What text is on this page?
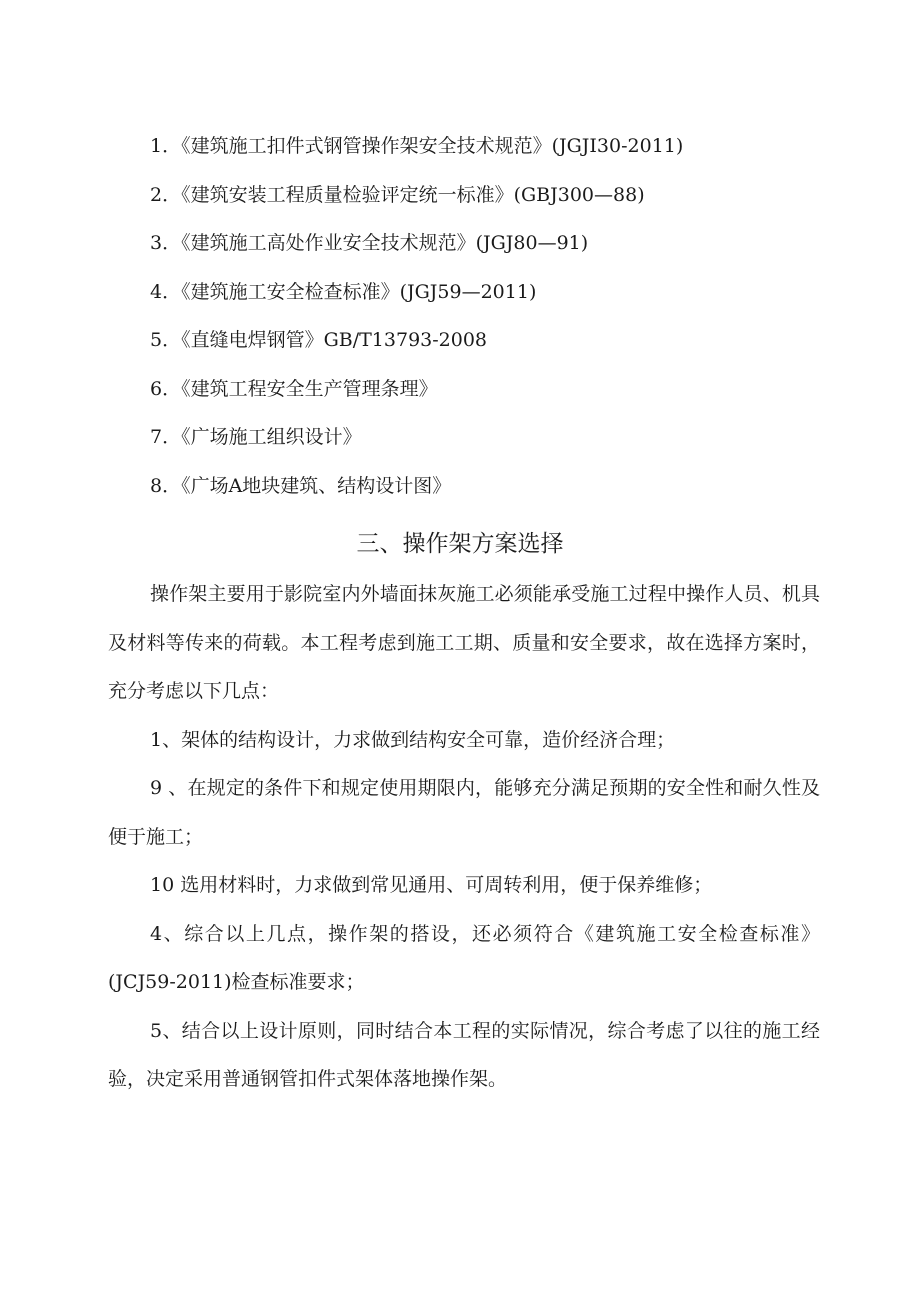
1．《建筑施工扣件式钢管操作架安全技术规范》(JGJI30-2011)
2．《建筑安装工程质量检验评定统一标准》(GBJ300—88)
3．《建筑施工高处作业安全技术规范》(JGJ80—91)
4．《建筑施工安全检查标准》(JGJ59—2011)
5．《直缝电焊钢管》GB/T13793-2008
6．《建筑工程安全生产管理条理》
7．《广场施工组织设计》
8．《广场A地块建筑、结构设计图》
三、操作架方案选择

操作架主要用于影院室内外墙面抹灰施工必须能承受施工过程中操作人员、机具及材料等传来的荷载。本工程考虑到施工工期、质量和安全要求，故在选择方案时，充分考虑以下几点：

1、架体的结构设计，力求做到结构安全可靠，造价经济合理；

9 、在规定的条件下和规定使用期限内，能够充分满足预期的安全性和耐久性及便于施工；

10 选用材料时，力求做到常见通用、可周转利用，便于保养维修；

4、综合以上几点，操作架的搭设，还必须符合《建筑施工安全检查标准》(JCJ59-2011)检查标准要求；

5、结合以上设计原则，同时结合本工程的实际情况，综合考虑了以往的施工经验，决定采用普通钢管扣件式架体落地操作架。
